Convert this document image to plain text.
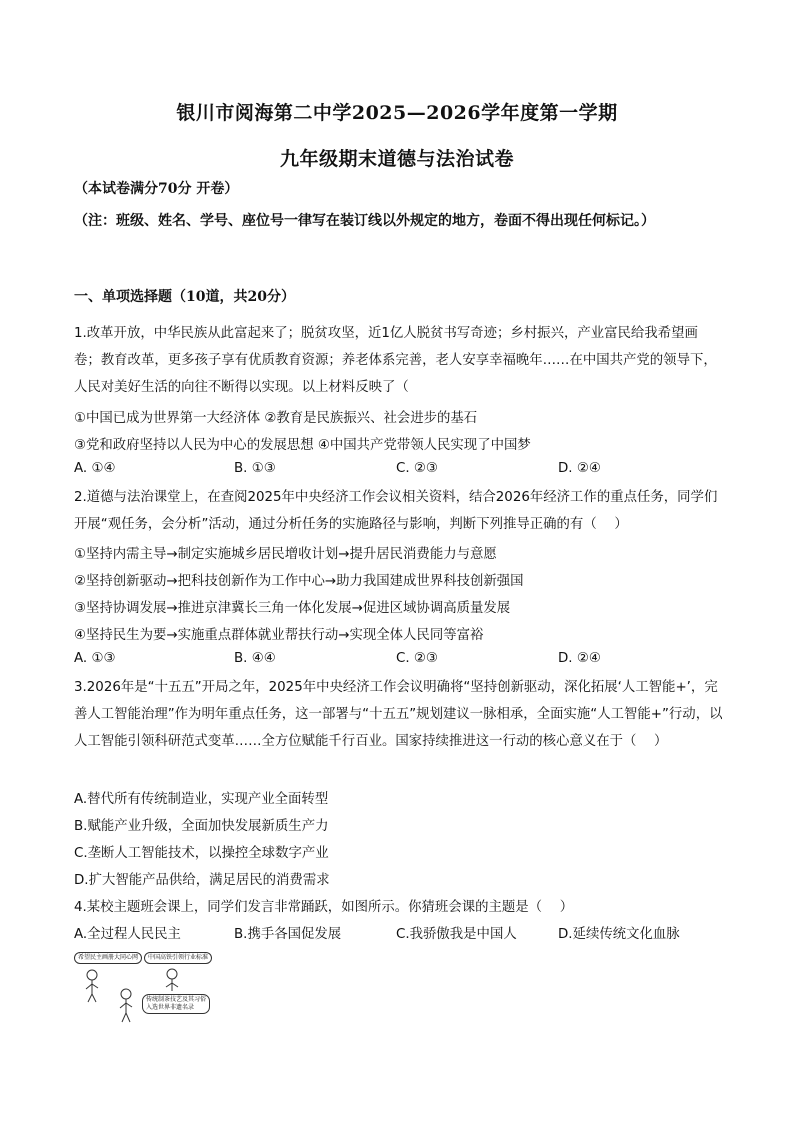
银川市阅海第二中学2025—2026学年度第一学期
九年级期末道德与法治试卷
（本试卷满分70分 开卷）
（注：班级、姓名、学号、座位号一律写在装订线以外规定的地方，卷面不得出现任何标记。）
一、单项选择题（10道，共20分）
1.改革开放，中华民族从此富起来了；脱贫攻坚，近1亿人脱贫书写奇迹；乡村振兴，产业富民给我希望画卷；教育改革，更多孩子享有优质教育资源；养老体系完善，老人安享幸福晚年……在中国共产党的领导下，人民对美好生活的向往不断得以实现。以上材料反映了（
①中国已成为世界第一大经济体 ②教育是民族振兴、社会进步的基石
③党和政府坚持以人民为中心的发展思想 ④中国共产党带领人民实现了中国梦
A. ①④	B. ①③	C. ②③	D. ②④
2.道德与法治课堂上，在查阅2025年中央经济工作会议相关资料，结合2026年经济工作的重点任务，同学们开展“观任务，会分析”活动，通过分析任务的实施路径与影响，判断下列推导正确的有（　 ）
①坚持内需主导→制定实施城乡居民增收计划→提升居民消费能力与意愿
②坚持创新驱动→把科技创新作为工作中心→助力我国建成世界科技创新强国
③坚持协调发展→推进京津冀长三角一体化发展→促进区域协调高质量发展
④坚持民生为要→实施重点群体就业帮扶行动→实现全体人民同等富裕
A. ①③	B. ④④	C. ②③	D. ②④
3.2026年是“十五五”开局之年，2025年中央经济工作会议明确将“坚持创新驱动，深化拓展‘人工智能+’，完善人工智能治理”作为明年重点任务，这一部署与“十五五”规划建议一脉相承，全面实施“人工智能+”行动，以人工智能引领科研范式变革……全方位赋能千行百业。国家持续推进这一行动的核心意义在于（　 ）
A.替代所有传统制造业，实现产业全面转型
B.赋能产业升级，全面加快发展新质生产力
C.垄断人工智能技术，以操控全球数字产业
D.扩大智能产品供给，满足居民的消费需求
4.某校主题班会课上，同学们发言非常踊跃，如图所示。你猜班会课的主题是（　 ）
A.全过程人民民主	B.携手各国促发展	C.我骄傲我是中国人	D.延续传统文化血脉
希望民主画册大同心网	中国高铁引领行业标准
传统制茶技艺及其习俗入选世界非遗名录
